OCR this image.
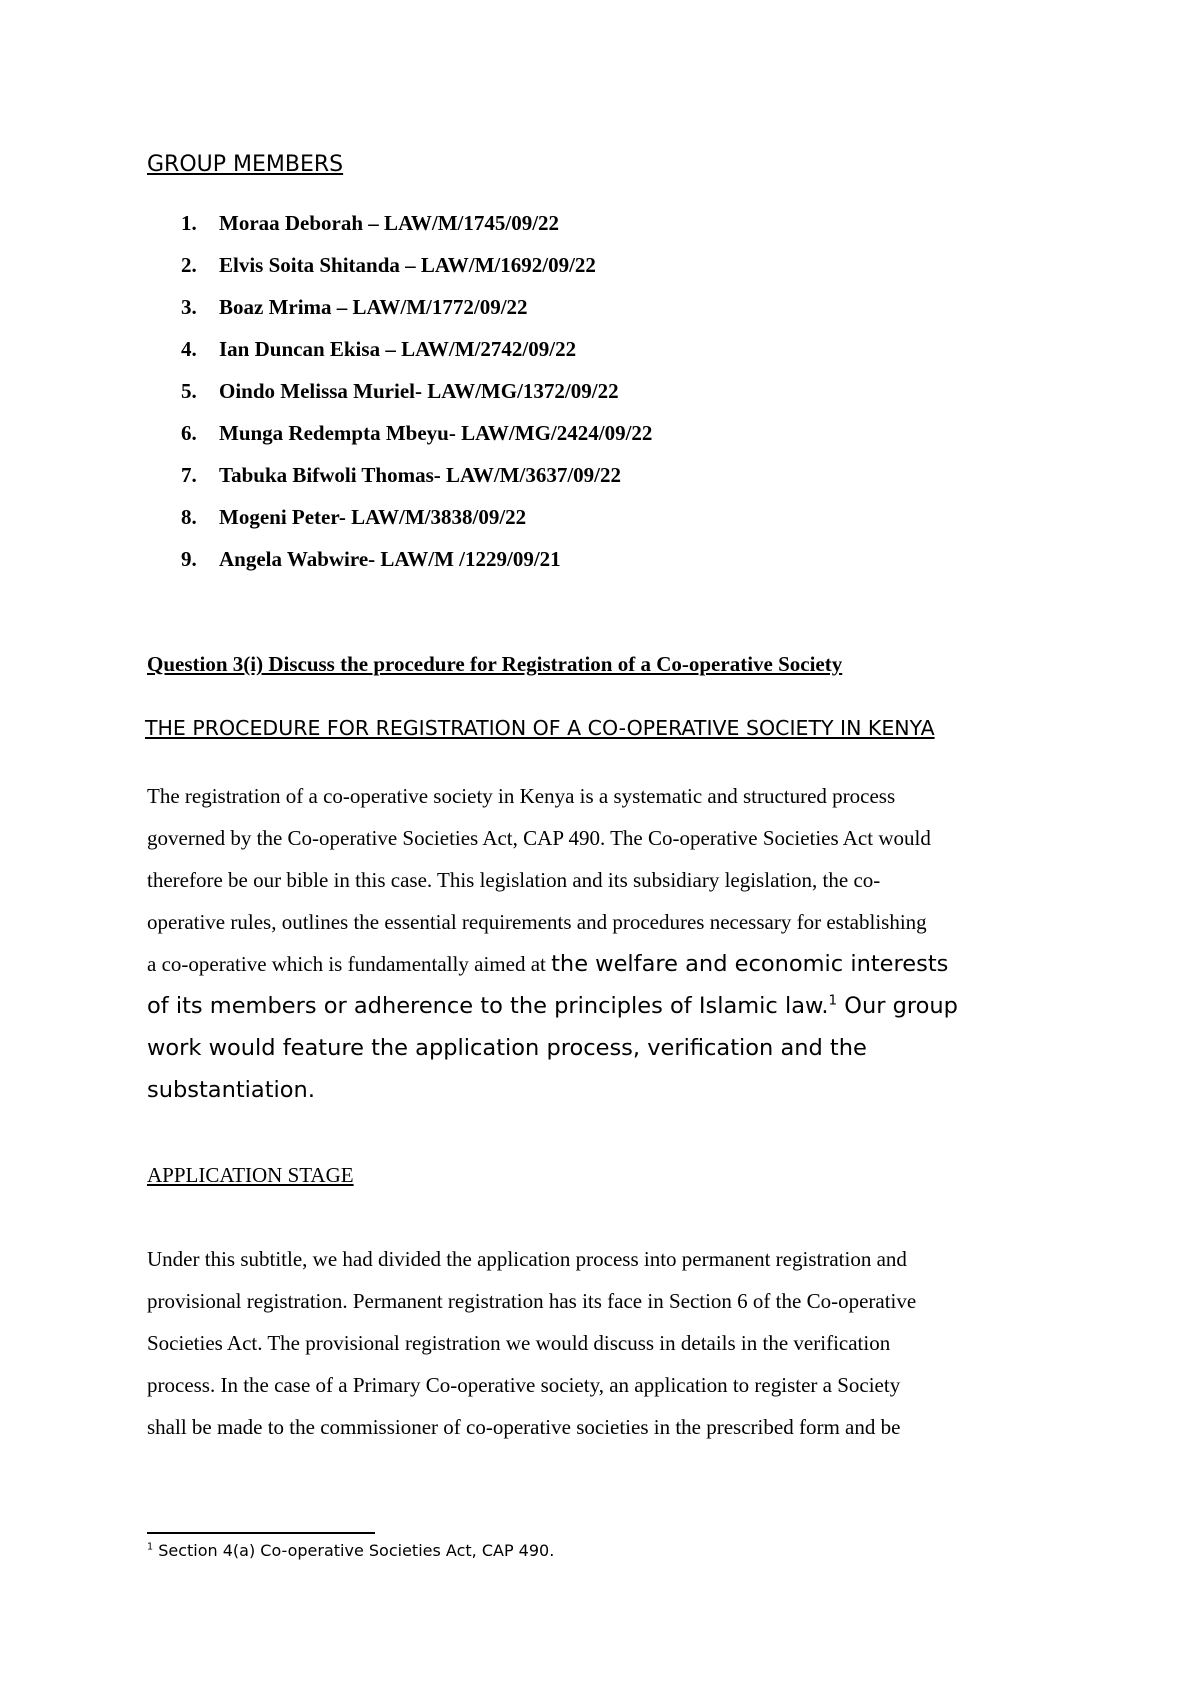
GROUP MEMBERS
1.	Moraa Deborah – LAW/M/1745/09/22
2.	Elvis Soita Shitanda – LAW/M/1692/09/22
3.	Boaz Mrima – LAW/M/1772/09/22
4.	Ian Duncan Ekisa – LAW/M/2742/09/22
5.	Oindo Melissa Muriel- LAW/MG/1372/09/22
6.	Munga Redempta Mbeyu- LAW/MG/2424/09/22
7.	Tabuka Bifwoli Thomas- LAW/M/3637/09/22
8.	Mogeni Peter- LAW/M/3838/09/22
9.	Angela Wabwire- LAW/M /1229/09/21
Question 3(i) Discuss the procedure for Registration of a Co-operative Society
THE PROCEDURE FOR REGISTRATION OF A CO-OPERATIVE SOCIETY IN KENYA
The registration of a co-operative society in Kenya is a systematic and structured process
governed by the Co-operative Societies Act, CAP 490. The Co-operative Societies Act would
therefore be our bible in this case. This legislation and its subsidiary legislation, the co-
operative rules, outlines the essential requirements and procedures necessary for establishing
a co-operative which is fundamentally aimed at the welfare and economic interests
of its members or adherence to the principles of Islamic law.$^1$ Our group
work would feature the application process, verification and the
substantiation.
APPLICATION STAGE
Under this subtitle, we had divided the application process into permanent registration and
provisional registration. Permanent registration has its face in Section 6 of the Co-operative
Societies Act. The provisional registration we would discuss in details in the verification
process. In the case of a Primary Co-operative society, an application to register a Society
shall be made to the commissioner of co-operative societies in the prescribed form and be
$^1$ Section 4(a) Co-operative Societies Act, CAP 490.
